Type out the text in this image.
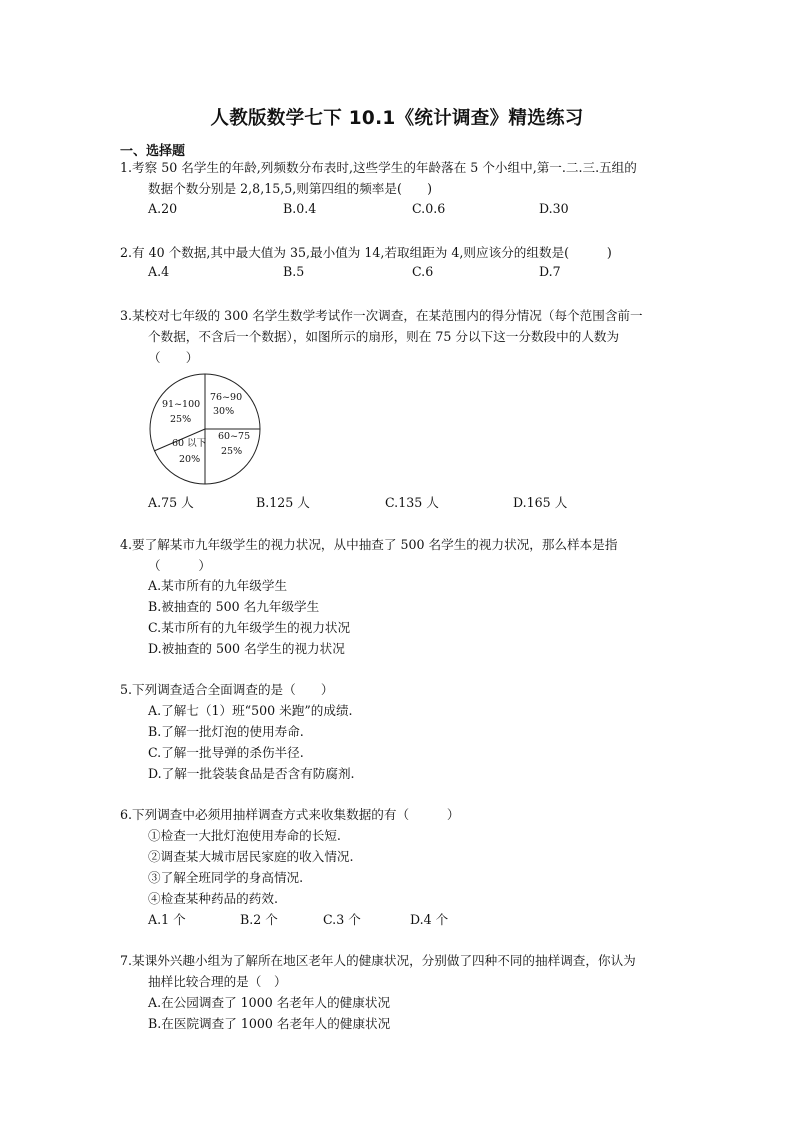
人教版数学七下 10.1《统计调查》精选练习
一、选择题
1.考察 50 名学生的年龄,列频数分布表时,这些学生的年龄落在 5 个小组中,第一.二.三.五组的
数据个数分别是 2,8,15,5,则第四组的频率是(　　)
A.20	B.0.4	C.0.6	D.30
2.有 40 个数据,其中最大值为 35,最小值为 14,若取组距为 4,则应该分的组数是(　　　)
A.4	B.5	C.6	D.7
3.某校对七年级的 300 名学生数学考试作一次调查，在某范围内的得分情况（每个范围含前一
个数据，不含后一个数据），如图所示的扇形，则在 75 分以下这一分数段中的人数为
（　　）
76~90
30%
91~100
25%
60 以下
20%
60~75
25%
A.75 人	B.125 人	C.135 人	D.165 人
4.要了解某市九年级学生的视力状况，从中抽查了 500 名学生的视力状况，那么样本是指
（　　　）
A.某市所有的九年级学生
B.被抽查的 500 名九年级学生
C.某市所有的九年级学生的视力状况
D.被抽查的 500 名学生的视力状况
5.下列调查适合全面调查的是（　　）
A.了解七（1）班“500 米跑”的成绩.
B.了解一批灯泡的使用寿命.
C.了解一批导弹的杀伤半径.
D.了解一批袋装食品是否含有防腐剂.
6.下列调查中必须用抽样调查方式来收集数据的有（　　　）
①检查一大批灯泡使用寿命的长短.
②调查某大城市居民家庭的收入情况.
③了解全班同学的身高情况.
④检查某种药品的药效.
A.1 个	B.2 个	C.3 个	D.4 个
7.某课外兴趣小组为了解所在地区老年人的健康状况，分别做了四种不同的抽样调查，你认为
抽样比较合理的是（　）
A.在公园调查了 1000 名老年人的健康状况
B.在医院调查了 1000 名老年人的健康状况
